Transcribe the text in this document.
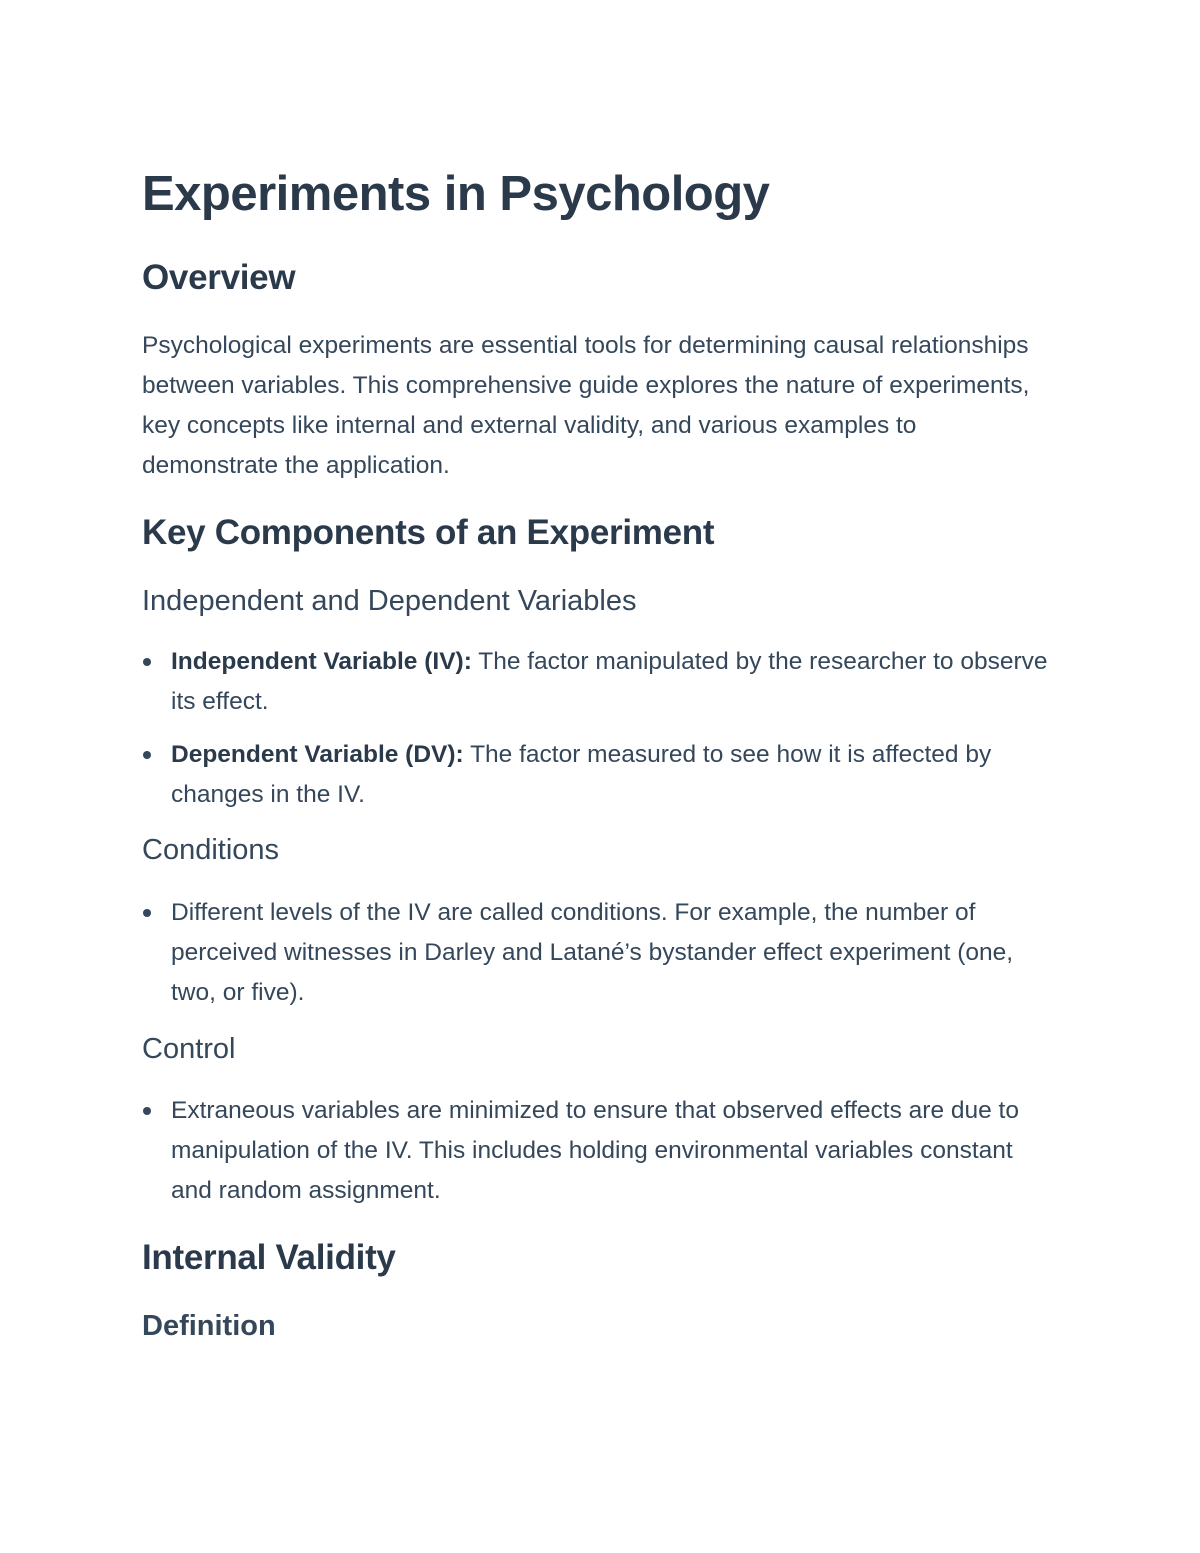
Experiments in Psychology
Overview

Psychological experiments are essential tools for determining causal relationships between variables. This comprehensive guide explores the nature of experiments, key concepts like internal and external validity, and various examples to demonstrate the application.

Key Components of an Experiment
Independent and Dependent Variables
Independent Variable (IV): The factor manipulated by the researcher to observe its effect.
Dependent Variable (DV): The factor measured to see how it is affected by changes in the IV.
Conditions
Different levels of the IV are called conditions. For example, the number of perceived witnesses in Darley and Latané’s bystander effect experiment (one, two, or five).
Control
Extraneous variables are minimized to ensure that observed effects are due to manipulation of the IV. This includes holding environmental variables constant and random assignment.
Internal Validity
Definition
